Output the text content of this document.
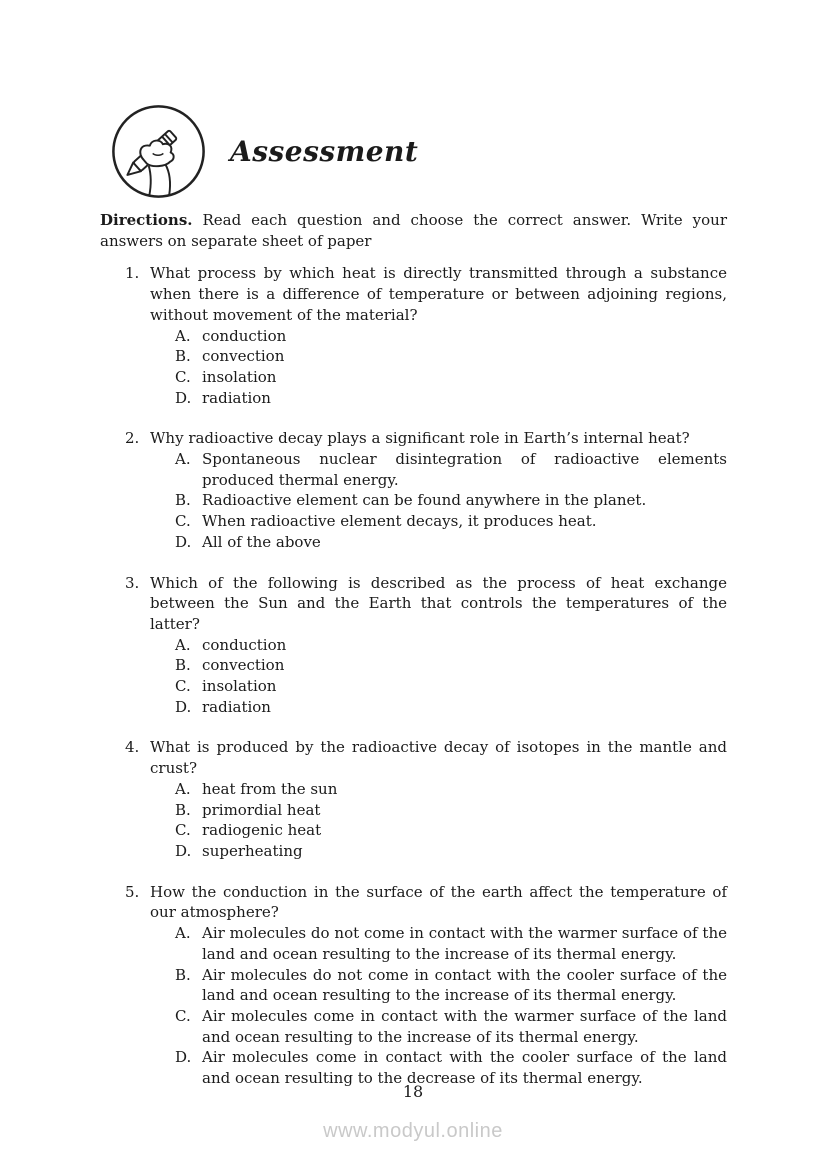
Assessment

Directions. Read each question and choose the correct answer. Write your answers on separate sheet of paper

1. What process by which heat is directly transmitted through a substance when there is a difference of temperature or between adjoining regions, without movement of the material?

A. conduction

B. convection

C. insolation

D. radiation

2. Why radioactive decay plays a significant role in Earth’s internal heat?

A. Spontaneous nuclear disintegration of radioactive elements produced thermal energy.

B. Radioactive element can be found anywhere in the planet.

C. When radioactive element decays, it produces heat.

D. All of the above

3. Which of the following is described as the process of heat exchange between the Sun and the Earth that controls the temperatures of the latter?

A. conduction

B. convection

C. insolation

D. radiation

4. What is produced by the radioactive decay of isotopes in the mantle and crust?

A. heat from the sun

B. primordial heat

C. radiogenic heat

D. superheating

5. How the conduction in the surface of the earth affect the temperature of our atmosphere?

A. Air molecules do not come in contact with the warmer surface of the land and ocean resulting to the increase of its thermal energy.

B. Air molecules do not come in contact with the cooler surface of the land and ocean resulting to the increase of its thermal energy.

C. Air molecules come in contact with the warmer surface of the land and ocean resulting to the increase of its thermal energy.

D. Air molecules come in contact with the cooler surface of the land and ocean resulting to the decrease of its thermal energy.

18
www.modyul.online
